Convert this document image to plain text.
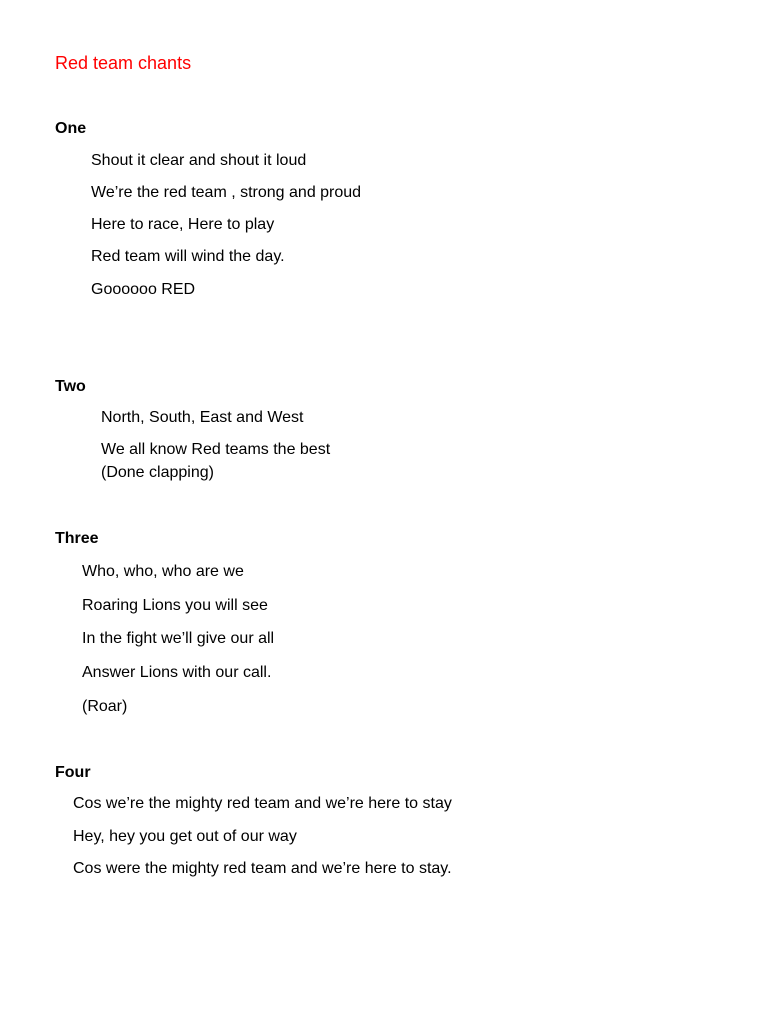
Red team chants
One
Shout it clear and shout it loud
We’re the red team , strong and proud
Here to race, Here to play
Red team will wind the day.
Goooooo RED
Two
North, South, East and West
We all know Red teams the best
(Done clapping)
Three
Who, who, who are we
Roaring Lions you will see
In the fight we’ll give our all
Answer Lions with our call.
(Roar)
Four
Cos we’re the mighty red team and we’re here to stay
Hey, hey you get out of our way
Cos were the mighty red team and we’re here to stay.
